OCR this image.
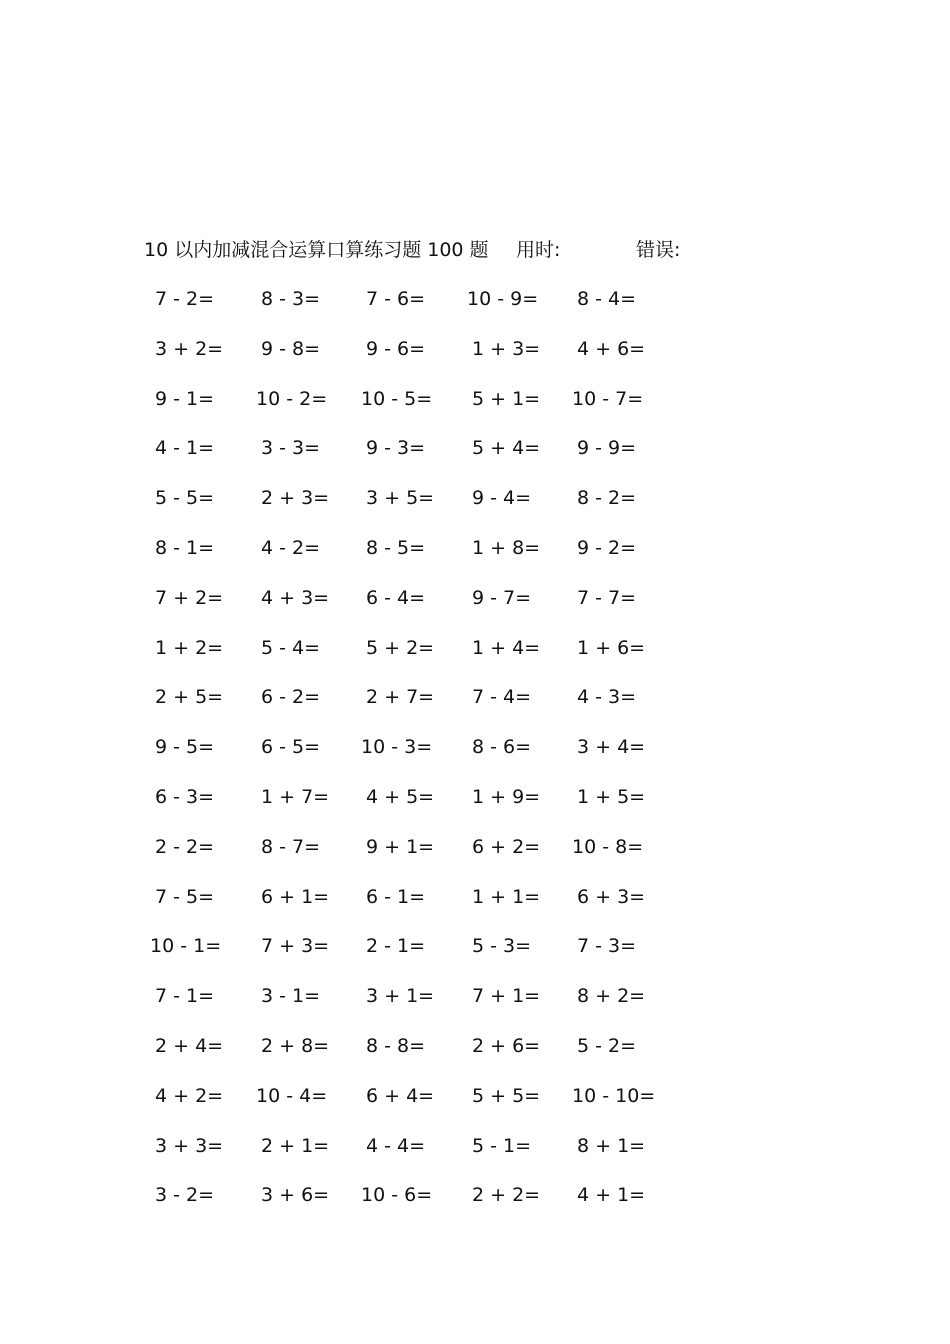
10 以内加减混合运算口算练习题 100 题 用时:	错误:
7 - 2= 8 - 3= 7 - 6= 10 - 9= 8 - 4=
3 + 2= 9 - 8= 9 - 6= 1 + 3= 4 + 6=
9 - 1= 10 - 2= 10 - 5= 5 + 1= 10 - 7=
4 - 1= 3 - 3= 9 - 3= 5 + 4= 9 - 9=
5 - 5= 2 + 3= 3 + 5= 9 - 4= 8 - 2=
8 - 1= 4 - 2= 8 - 5= 1 + 8= 9 - 2=
7 + 2= 4 + 3= 6 - 4= 9 - 7= 7 - 7=
1 + 2= 5 - 4= 5 + 2= 1 + 4= 1 + 6=
2 + 5= 6 - 2= 2 + 7= 7 - 4= 4 - 3=
9 - 5= 6 - 5= 10 - 3= 8 - 6= 3 + 4=
6 - 3= 1 + 7= 4 + 5= 1 + 9= 1 + 5=
2 - 2= 8 - 7= 9 + 1= 6 + 2= 10 - 8=
7 - 5= 6 + 1= 6 - 1= 1 + 1= 6 + 3=
10 - 1= 7 + 3= 2 - 1= 5 - 3= 7 - 3=
7 - 1= 3 - 1= 3 + 1= 7 + 1= 8 + 2=
2 + 4= 2 + 8= 8 - 8= 2 + 6= 5 - 2=
4 + 2= 10 - 4= 6 + 4= 5 + 5= 10 - 10=
3 + 3= 2 + 1= 4 - 4= 5 - 1= 8 + 1=
3 - 2= 3 + 6= 10 - 6= 2 + 2= 4 + 1=
